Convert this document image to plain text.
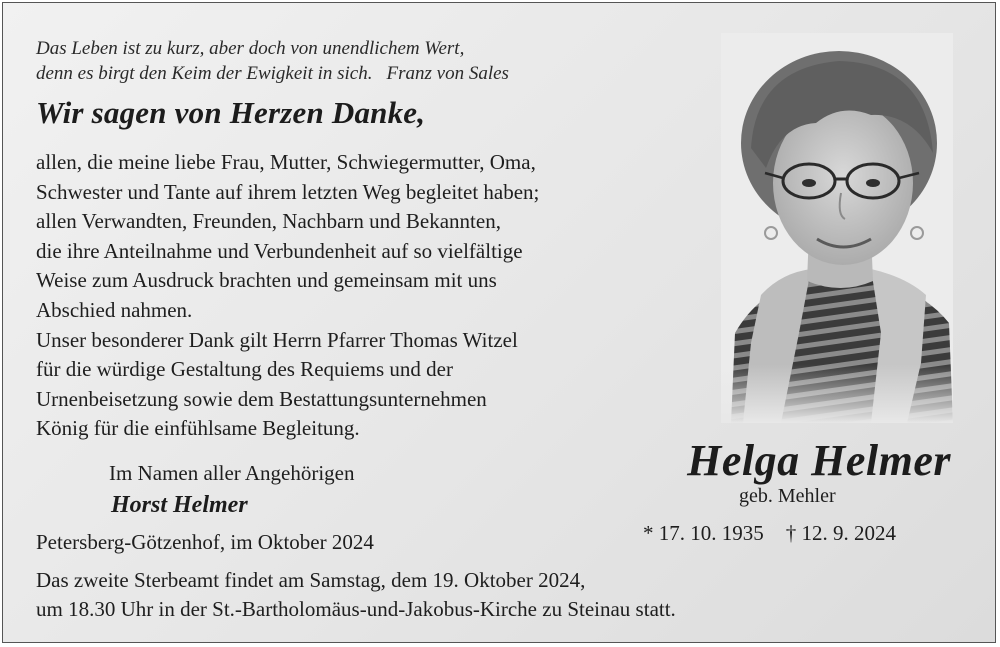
Das Leben ist zu kurz, aber doch von unendlichem Wert,
denn es birgt den Keim der Ewigkeit in sich. Franz von Sales
Wir sagen von Herzen Danke,
allen, die meine liebe Frau, Mutter, Schwiegermutter, Oma,
Schwester und Tante auf ihrem letzten Weg begleitet haben;
allen Verwandten, Freunden, Nachbarn und Bekannten,
die ihre Anteilnahme und Verbundenheit auf so vielfältige
Weise zum Ausdruck brachten und gemeinsam mit uns
Abschied nahmen.
Unser besonderer Dank gilt Herrn Pfarrer Thomas Witzel
für die würdige Gestaltung des Requiems und der
Urnenbeisetzung sowie dem Bestattungsunternehmen
König für die einfühlsame Begleitung.
Im Namen aller Angehörigen
Horst Helmer
Petersberg-Götzenhof, im Oktober 2024
Das zweite Sterbeamt findet am Samstag, dem 19. Oktober 2024,
um 18.30 Uhr in der St.-Bartholomäus-und-Jakobus-Kirche zu Steinau statt.
Helga Helmer
geb. Mehler
* 17. 10. 1935 † 12. 9. 2024
